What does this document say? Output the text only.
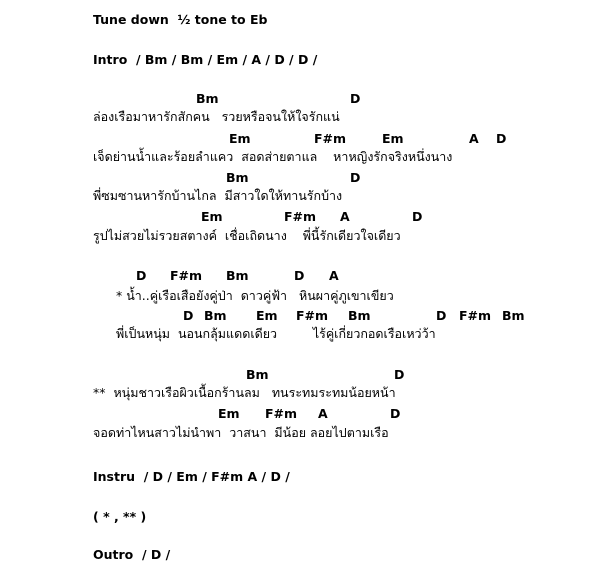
Tune down  ½ tone to Eb
Intro  / Bm / Bm / Em / A / D / D /
Bm	D
ล่องเรือมาหารักสักคน   รวยหรือจนให้ใจรักแน่
Em	F#m	Em	A D
เจ็ดย่านน้ำและร้อยลำแคว  สอดส่ายตาแล    หาหญิงรักจริงหนึ่งนาง
Bm	D
พี่ซมซานหารักบ้านไกล  มีสาวใดให้ทานรักบ้าง
Em	F#m A	D
รูปไม่สวยไม่รวยสตางค์  เชื่อเถิดนาง    พี่นี้รักเดียวใจเดียว
D F#m Bm	D A
* น้ำ..คู่เรือเสือยังคู่ป่า  ดาวคู่ฟ้า   หินผาคู่ภูเขาเขียว
D Bm Em F#m Bm	D F#m Bm
พี่เป็นหนุ่ม  นอนกลุ้มแดดเดียว         ไร้คู่เกี่ยวกอดเรือเหว่ว้า
Bm	D
**  หนุ่มชาวเรือผิวเนื้อกร้านลม   ทนระทมระทมน้อยหน้า
Em F#m A	D
จอดท่าไหนสาวไม่นำพา  วาสนา  มีน้อย ลอยไปตามเรือ
Instru  / D / Em / F#m A / D /
( * , ** )
Outro  / D /
